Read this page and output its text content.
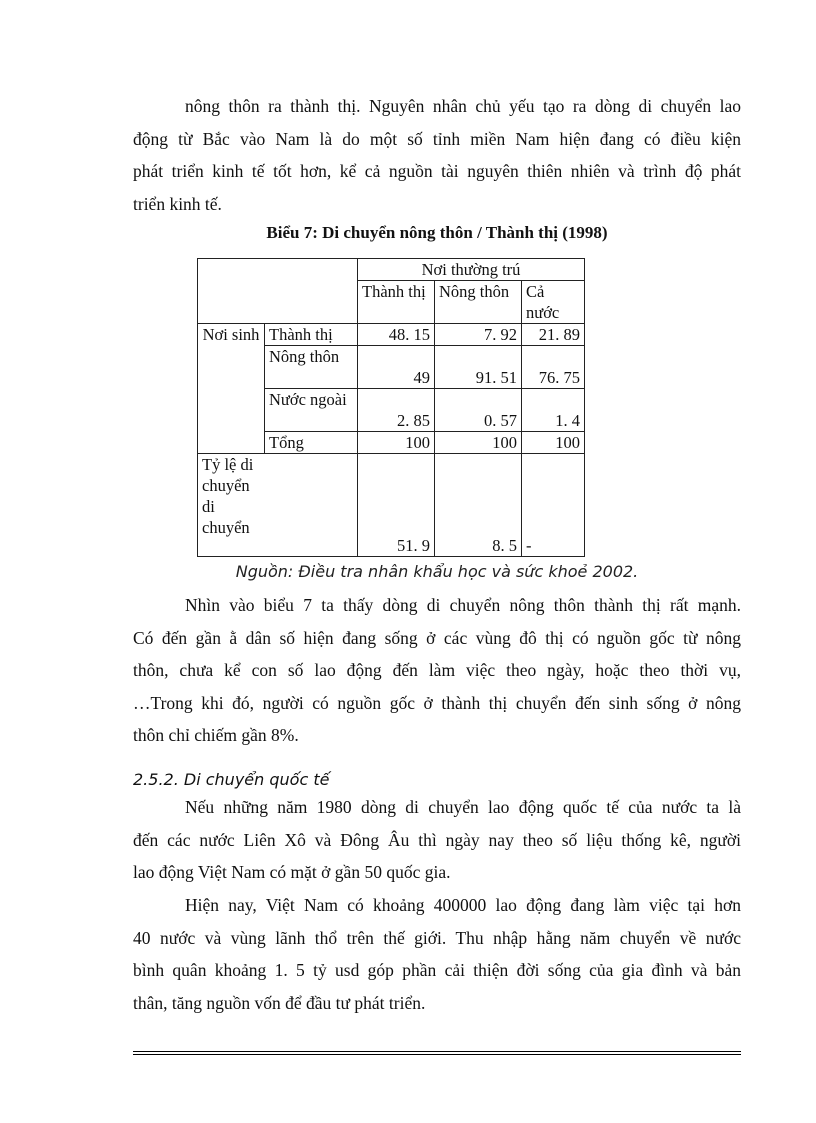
nông thôn ra thành thị. Nguyên nhân chủ yếu tạo ra dòng di chuyển lao
động từ Bắc vào Nam là do một số tỉnh miền Nam hiện đang có điều kiện
phát triển kinh tế tốt hơn, kể cả nguồn tài nguyên thiên nhiên và trình độ phát
triển kinh tế.
Biểu 7: Di chuyển nông thôn / Thành thị (1998)
		Nơi thường trú		
		Thành thị	Nông thôn	Cả nước
Nơi sinh	Thành thị	48. 15	7. 92	21. 89
	Nông thôn	49	91. 51	76. 75
	Nước ngoài	2. 85	0. 57	1. 4
	Tổng	100	100	100
Tỷ lệ di chuyển di chuyển		51. 9	8. 5	-
Nguồn: Điều tra nhân khẩu học và sức khoẻ 2002.
Nhìn vào biểu 7 ta thấy dòng di chuyển nông thôn thành thị rất mạnh.
Có đến gần ằ dân số hiện đang sống ở các vùng đô thị có nguồn gốc từ nông
thôn, chưa kể con số lao động đến làm việc theo ngày, hoặc theo thời vụ,
…Trong khi đó, người có nguồn gốc ở thành thị chuyển đến sinh sống ở nông
thôn chỉ chiếm gần 8%.
2.5.2. Di chuyển quốc tế
Nếu những năm 1980 dòng di chuyển lao động quốc tế của nước ta là
đến các nước Liên Xô và Đông Âu thì ngày nay theo số liệu thống kê, người
lao động Việt Nam có mặt ở gần 50 quốc gia.
Hiện nay, Việt Nam có khoảng 400000 lao động đang làm việc tại hơn
40 nước và vùng lãnh thổ trên thế giới. Thu nhập hằng năm chuyển về nước
bình quân khoảng 1. 5 tỷ usd góp phần cải thiện đời sống của gia đình và bản
thân, tăng nguồn vốn để đầu tư phát triển.
